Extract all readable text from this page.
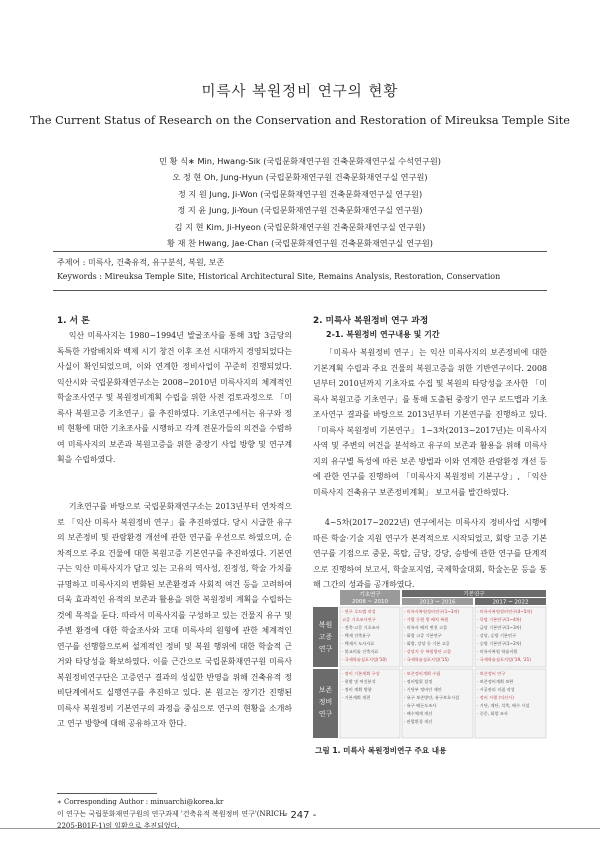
미륵사 복원정비 연구의 현황
The Current Status of Research on the Conservation and Restoration of Mireuksa Temple Site
민 황 식∗ Min, Hwang-Sik (국립문화재연구원 건축문화재연구실 수석연구원)
오 정 현 Oh, Jung-Hyun (국립문화재연구원 건축문화재연구실 연구원)
정 지 원 Jung, Ji-Won (국립문화재연구원 건축문화재연구실 연구원)
정 지 윤 Jung, Ji-Youn (국립문화재연구원 건축문화재연구실 연구원)
김 지 현 Kim, Ji-Hyeon (국립문화재연구원 건축문화재연구실 연구원)
황 재 찬 Hwang, Jae-Chan (국립문화재연구원 건축문화재연구실 연구원)
주제어 : 미륵사, 건축유적, 유구분석, 복원, 보존
Keywords : Mireuksa Temple Site, Historical Architectural Site, Remains Analysis, Restoration, Conservation
1. 서 론

익산 미륵사지는 1980~1994년 발굴조사를 통해 3탑 3금당의 독특한 가람배치와 백제 시기 창건 이후 조선 시대까지 경영되었다는 사실이 확인되었으며, 이와 연계한 정비사업이 꾸준히 진행되었다. 익산시와 국립문화재연구소는 2008~2010년 미륵사지의 체계적인 학술조사연구 및 복원정비계획 수립을 위한 사전 검토과정으로 「미륵사 복원고증 기초연구」를 추진하였다. 기초연구에서는 유구와 정비 현황에 대한 기초조사를 시행하고 각계 전문가들의 의견을 수렴하여 미륵사지의 보존과 복원고증을 위한 중장기 사업 방향 및 연구계획을 수립하였다.

기초연구를 바탕으로 국립문화재연구소는 2013년부터 연차적으로 「익산 미륵사 복원정비 연구」를 추진하였다. 당시 시급한 유구의 보존정비 및 관람환경 개선에 관한 연구를 우선으로 하였으며, 순차적으로 주요 건물에 대한 복원고증 기본연구를 추진하였다. 기본연구는 익산 미륵사지가 담고 있는 고유의 역사성, 진정성, 학술 가치를 규명하고 미륵사지의 변화된 보존환경과 사회적 여건 등을 고려하여 더욱 효과적인 유적의 보존과 활용을 위한 복원정비 계획을 수립하는 것에 목적을 둔다. 따라서 미륵사지를 구성하고 있는 건물지 유구 및 주변 환경에 대한 학술조사와 고대 미륵사의 원형에 관한 체계적인 연구를 선행함으로써 설계적인 정비 및 복원 행위에 대한 학술적 근거와 타당성을 확보하였다. 이를 근간으로 국립문화재연구원 미륵사복원정비연구단은 고증연구 결과의 성실한 반영을 위해 건축유적 정비단계에서도 실행연구를 추진하고 있다. 본 원고는 장기간 진행된 미륵사 복원정비 기본연구의 과정을 중심으로 연구의 현황을 소개하고 연구 방향에 대해 공유하고자 한다.

2. 미륵사 복원정비 연구 과정
2-1. 복원정비 연구내용 및 기간

「미륵사 복원정비 연구」는 익산 미륵사지의 보존정비에 대한 기본계획 수립과 주요 건물의 복원고증을 위한 기반연구이다. 2008년부터 2010년까지 기초자료 수집 및 복원의 타당성을 조사한 「미륵사 복원고증 기초연구」를 통해 도출된 중장기 연구 로드맵과 기초조사연구 결과를 바탕으로 2013년부터 기본연구를 진행하고 있다. 「미륵사 복원정비 기본연구」 1~3차(2013~2017년)는 미륵사지 사역 및 주변의 여건을 분석하고 유구의 보존과 활용을 위해 미륵사지의 유구별 특성에 따른 보존 방법과 이와 연계한 관람환경 개선 등에 관한 연구를 진행하여 「미륵사지 복원정비 기본구상」, 「익산 미륵사지 건축유구 보존정비계획」 보고서를 발간하였다.

4~5차(2017~2022년) 연구에서는 미륵사지 정비사업 시행에 따른 학술·기술 지원 연구가 본격적으로 시작되었고, 회랑 고증 기본연구를 기점으로 중문, 목탑, 금당, 강당, 승방에 관한 연구를 단계적으로 진행하여 보고서, 학술포지엄, 국제학술대회, 학술논문 등을 통해 그간의 성과를 공개하였다.

기초연구
2008 ~ 2010
기본연구
2013 ~ 2016	2017 ~ 2022
복원
고증
연구
보존
정비
연구
· 연구 로드맵 작성
고증 기초조사연구
· 전축·고문 기초조사
· 백제 건축유구
· 백제시 도사자료
· 불교미술 건축자료
· 국제학술심포지엄('10)
· 미륵사복원정비연구(1~3차)
· 가람 동원 방 배치 복원
· 미륵사 배치 변천 고찰
· 회랑 고증 기본연구
· 회랑, 강당 등 기본 고증
· 강당지 등 복원방안 고찰
· 국제학술심포지엄('15)
· 미륵사복원정비연구(4~5차)
· 목탑 기본연구(1~4차)
· 금당 기본연구(1~3차)
· 강당, 승방 기본연구
· 승방 기본연구(1~2차)
· 미륵사복원 학술지원
· 국제학술심포지엄('19, '21)
· 정비 기본계획 구상
· 현황 및 여건분석
· 정비 계획 방향
· 기본계획 개편
· 보존정비계획 수립
· 정비범위 설정
· 기단부 정비안 제안
· 유구 보존방안, 유구보호시설
· 유구 배돈도조사
· 배수체계 개선
· 관람환경 개선
· 보존정비 연구
· 보존정비계획 보완
· 시공관리 지침 작성
· 정비 시행 (익산시)
· 기단, 계단, 석축, 배수 시설
· 중문, 회랑 조사
그림 1. 미륵사 복원정비연구 주요 내용
∗ Corresponding Author : minuarchi@korea.kr
이 연구는 국립문화재연구원의 연구과제 '건축유적 복원정비 연구'(NRICH-2205-B01F-1)의 일환으로 추진되었다.
- 247 -
